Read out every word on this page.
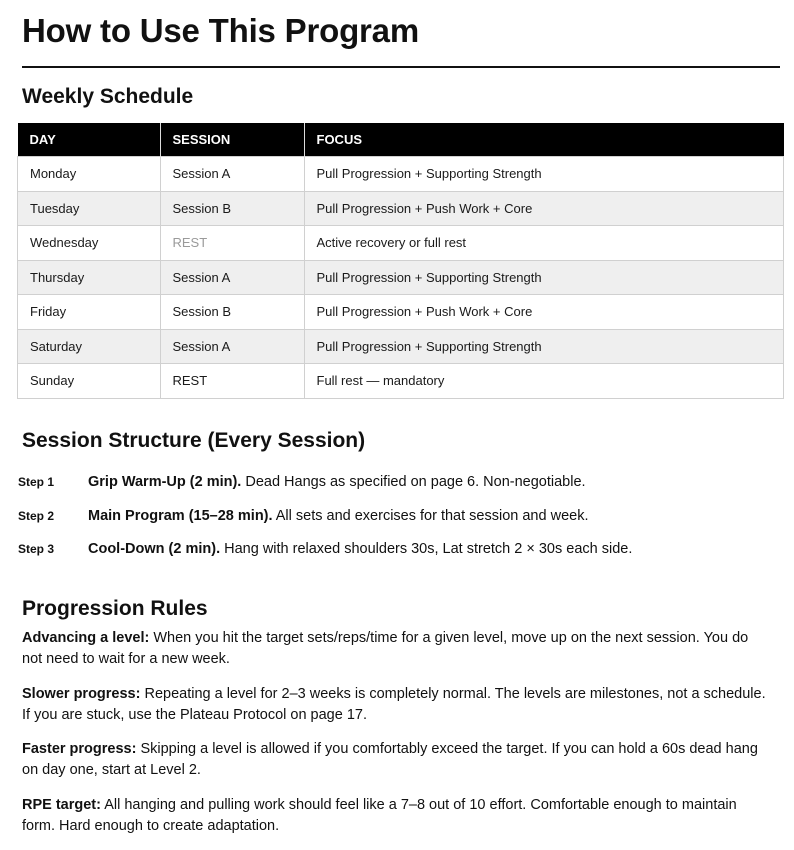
How to Use This Program
Weekly Schedule
DAY	SESSION	FOCUS
Monday	Session A	Pull Progression + Supporting Strength
Tuesday	Session B	Pull Progression + Push Work + Core
Wednesday	REST	Active recovery or full rest
Thursday	Session A	Pull Progression + Supporting Strength
Friday	Session B	Pull Progression + Push Work + Core
Saturday	Session A	Pull Progression + Supporting Strength
Sunday	REST	Full rest — mandatory
Session Structure (Every Session)
Step 1 Grip Warm-Up (2 min). Dead Hangs as specified on page 6. Non-negotiable.
Step 2 Main Program (15–28 min). All sets and exercises for that session and week.
Step 3 Cool-Down (2 min). Hang with relaxed shoulders 30s, Lat stretch 2 × 30s each side.
Progression Rules

Advancing a level: When you hit the target sets/reps/time for a given level, move up on the next session. You do not need to wait for a new week.

Slower progress: Repeating a level for 2–3 weeks is completely normal. The levels are milestones, not a schedule. If you are stuck, use the Plateau Protocol on page 17.

Faster progress: Skipping a level is allowed if you comfortably exceed the target. If you can hold a 60s dead hang on day one, start at Level 2.

RPE target: All hanging and pulling work should feel like a 7–8 out of 10 effort. Comfortable enough to maintain form. Hard enough to create adaptation.
